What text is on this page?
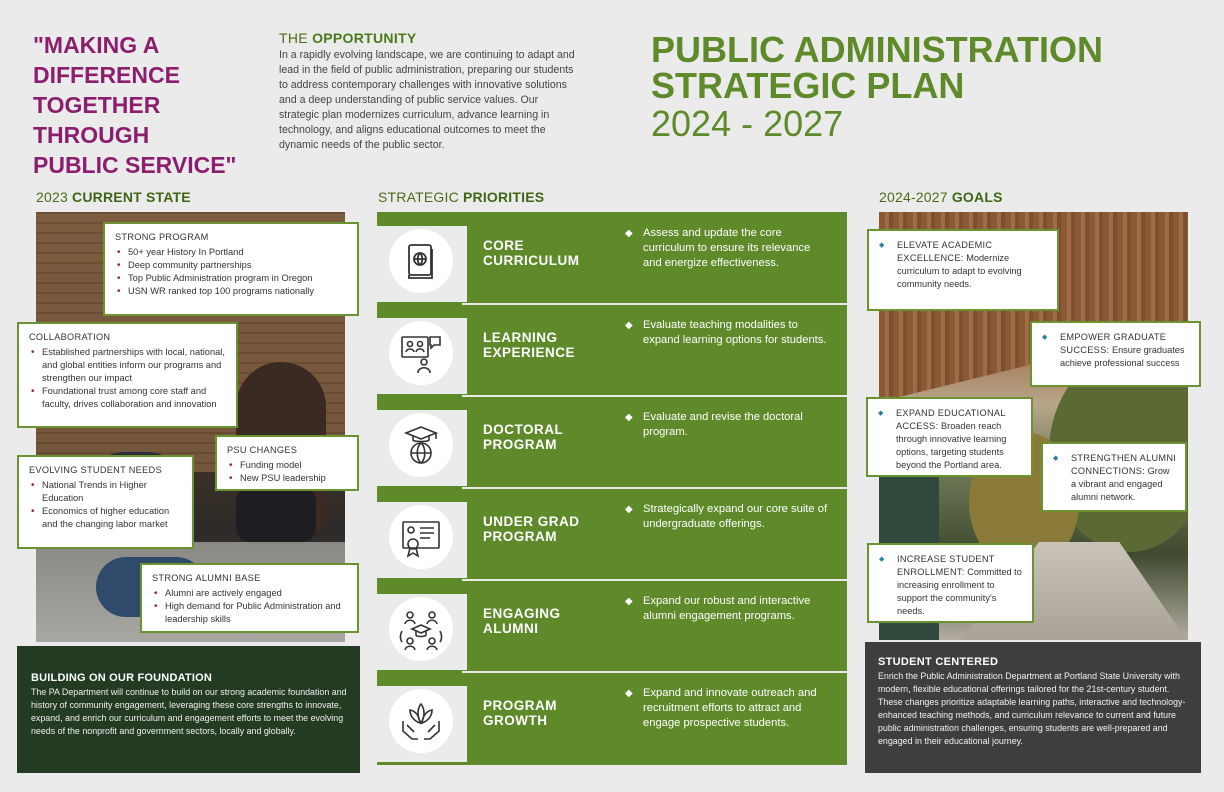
"MAKING A
DIFFERENCE
TOGETHER
THROUGH
PUBLIC SERVICE"
THE OPPORTUNITY
In a rapidly evolving landscape, we are continuing to adapt and lead in the field of public administration, preparing our students to address contemporary challenges with innovative solutions and a deep understanding of public service values. Our strategic plan modernizes curriculum, advance learning in technology, and aligns educational outcomes to meet the dynamic needs of the public sector.
PUBLIC ADMINISTRATION
STRATEGIC PLAN
2024 - 2027
2023 CURRENT STATE	STRATEGIC PRIORITIES	2024-2027 GOALS
STRONG PROGRAM
• 50+ year History In Portland
• Deep community partnerships
• Top Public Administration program in Oregon
• USN WR ranked top 100 programs nationally
COLLABORATION
• Established partnerships with local, national, and global entities inform our programs and strengthen our impact
• Foundational trust among core staff and faculty, drives collaboration and innovation
PSU CHANGES
• Funding model
• New PSU leadership
EVOLVING STUDENT NEEDS
• National Trends in Higher Education
• Economics of higher education and the changing labor market
STRONG ALUMNI BASE
• Alumni are actively engaged
• High demand for Public Administration and leadership skills
BUILDING ON OUR FOUNDATION
The PA Department will continue to build on our strong academic foundation and history of community engagement, leveraging these core strengths to innovate, expand, and enrich our curriculum and engagement efforts to meet the evolving needs of the nonprofit and government sectors, locally and globally.
CORE
CURRICULUM
◆ Assess and update the core curriculum to ensure its relevance and energize effectiveness.
LEARNING
EXPERIENCE
◆ Evaluate teaching modalities to expand learning options for students.
DOCTORAL
PROGRAM
◆ Evaluate and revise the doctoral program.
UNDER GRAD
PROGRAM
◆ Strategically expand our core suite of undergraduate offerings.
ENGAGING
ALUMNI
◆ Expand our robust and interactive alumni engagement programs.
PROGRAM
GROWTH
◆ Expand and innovate outreach and recruitment efforts to attract and engage prospective students.
◆ ELEVATE ACADEMIC EXCELLENCE: Modernize curriculum to adapt to evolving community needs.
◆ EMPOWER GRADUATE SUCCESS: Ensure graduates achieve professional success
◆ EXPAND EDUCATIONAL ACCESS: Broaden reach through innovative learning options, targeting students beyond the Portland area.
◆ STRENGTHEN ALUMNI CONNECTIONS: Grow a vibrant and engaged alumni network.
◆ INCREASE STUDENT ENROLLMENT: Committed to increasing enrollment to support the community's needs.
STUDENT CENTERED
Enrich the Public Administration Department at Portland State University with modern, flexible educational offerings tailored for the 21st-century student. These changes prioritize adaptable learning paths, interactive and technology-enhanced teaching methods, and curriculum relevance to current and future public administration challenges, ensuring students are well-prepared and engaged in their educational journey.
